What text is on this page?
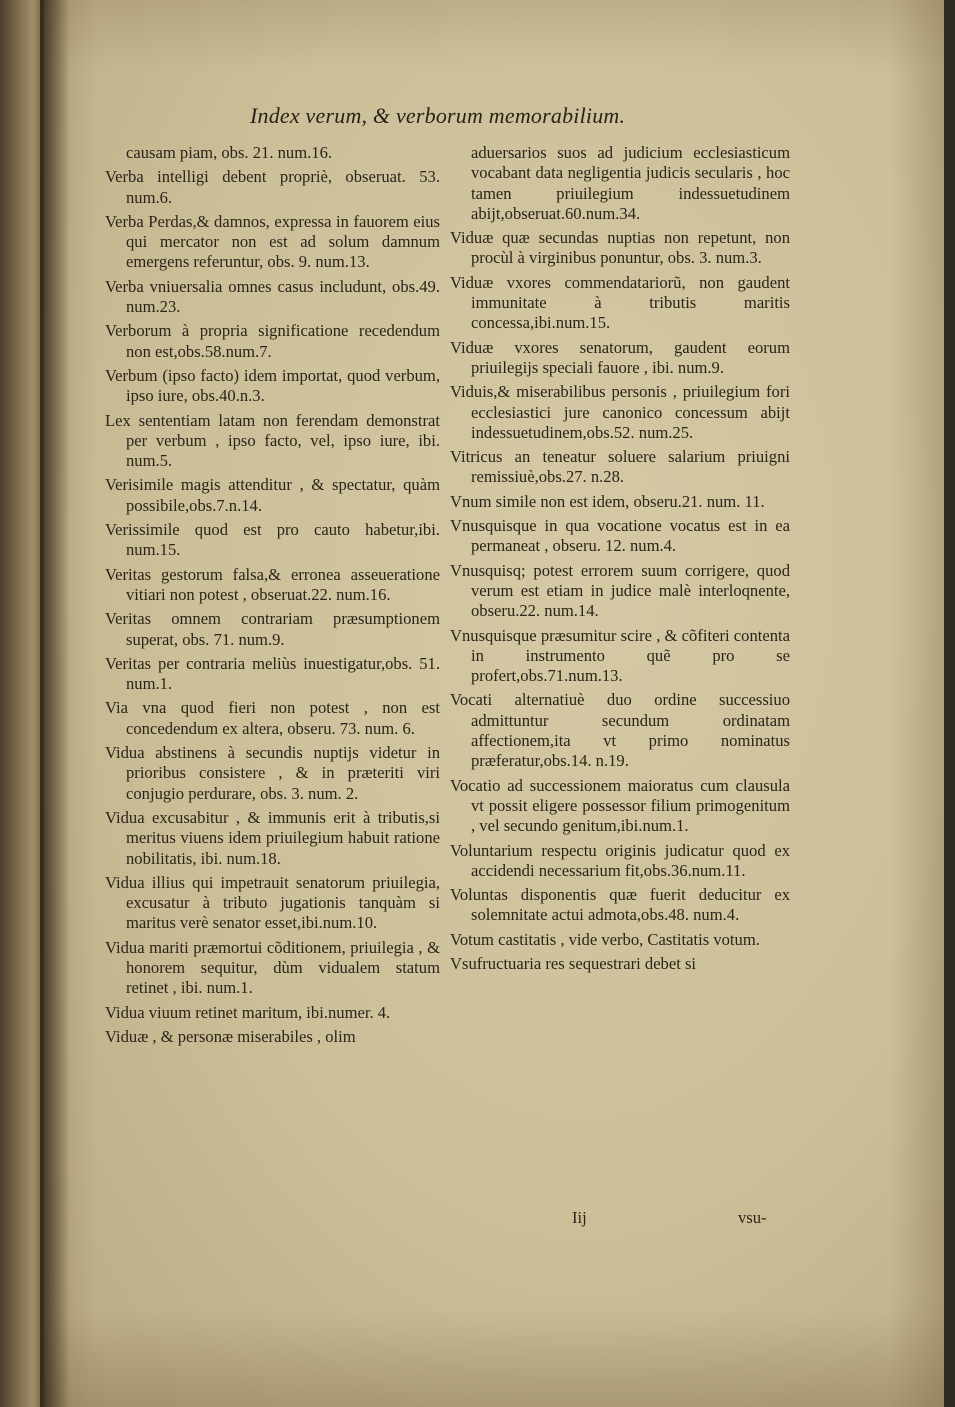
Index verum, & verborum memorabilium.

causam piam, obs. 21. num.16.

Verba intelligi debent propriè, obseruat. 53. num.6.

Verba Perdas,& damnos, expressa in fauorem eius qui mercator non est ad solum damnum emergens referuntur, obs. 9. num.13.

Verba vniuersalia omnes casus includunt, obs.49. num.23.

Verborum à propria significatione recedendum non est,obs.58.num.7.

Verbum (ipso facto) idem importat, quod verbum, ipso iure, obs.40.n.3.

Lex sententiam latam non ferendam demonstrat per verbum , ipso facto, vel, ipso iure, ibi. num.5.

Verisimile magis attenditur , & spectatur, quàm possibile,obs.7.n.14.

Verissimile quod est pro cauto habetur,ibi. num.15.

Veritas gestorum falsa,& erronea asseueratione vitiari non potest , obseruat.22. num.16.

Veritas omnem contrariam præsumptionem superat, obs. 71. num.9.

Veritas per contraria meliùs inuestigatur,obs. 51. num.1.

Via vna quod fieri non potest , non est concedendum ex altera, obseru. 73. num. 6.

Vidua abstinens à secundis nuptijs videtur in prioribus consistere , & in præteriti viri conjugio perdurare, obs. 3. num. 2.

Vidua excusabitur , & immunis erit à tributis,si meritus viuens idem priuilegium habuit ratione nobilitatis, ibi. num.18.

Vidua illius qui impetrauit senatorum priuilegia, excusatur à tributo jugationis tanquàm si maritus verè senator esset,ibi.num.10.

Vidua mariti præmortui cõditionem, priuilegia , & honorem sequitur, dùm vidualem statum retinet , ibi. num.1.

Vidua viuum retinet maritum, ibi.numer. 4.

Viduæ , & personæ miserabiles , olim

aduersarios suos ad judicium ecclesiasticum vocabant data negligentia judicis secularis , hoc tamen priuilegium indessuetudinem abijt,obseruat.60.num.34.

Viduæ quæ secundas nuptias non repetunt, non procùl à virginibus ponuntur, obs. 3. num.3.

Viduæ vxores commendatariorũ, non gaudent immunitate à tributis maritis concessa,ibi.num.15.

Viduæ vxores senatorum, gaudent eorum priuilegijs speciali fauore , ibi. num.9.

Viduis,& miserabilibus personis , priuilegium fori ecclesiastici jure canonico concessum abijt indessuetudinem,obs.52. num.25.

Vitricus an teneatur soluere salarium priuigni remissiuè,obs.27. n.28.

Vnum simile non est idem, obseru.21. num. 11.

Vnusquisque in qua vocatione vocatus est in ea permaneat , obseru. 12. num.4.

Vnusquisq; potest errorem suum corrigere, quod verum est etiam in judice malè interloqnente, obseru.22. num.14.

Vnusquisque præsumitur scire , & cõfiteri contenta in instrumento quẽ pro se profert,obs.71.num.13.

Vocati alternatiuè duo ordine successiuo admittuntur secundum ordinatam affectionem,ita vt primo nominatus præferatur,obs.14. n.19.

Vocatio ad successionem maioratus cum clausula vt possit eligere possessor filium primogenitum , vel secundo genitum,ibi.num.1.

Voluntarium respectu originis judicatur quod ex accidendi necessarium fit,obs.36.num.11.

Voluntas disponentis quæ fuerit deducitur ex solemnitate actui admota,obs.48. num.4.

Votum castitatis , vide verbo, Castitatis votum.

Vsufructuaria res sequestrari debet si

Iij	vsu-
